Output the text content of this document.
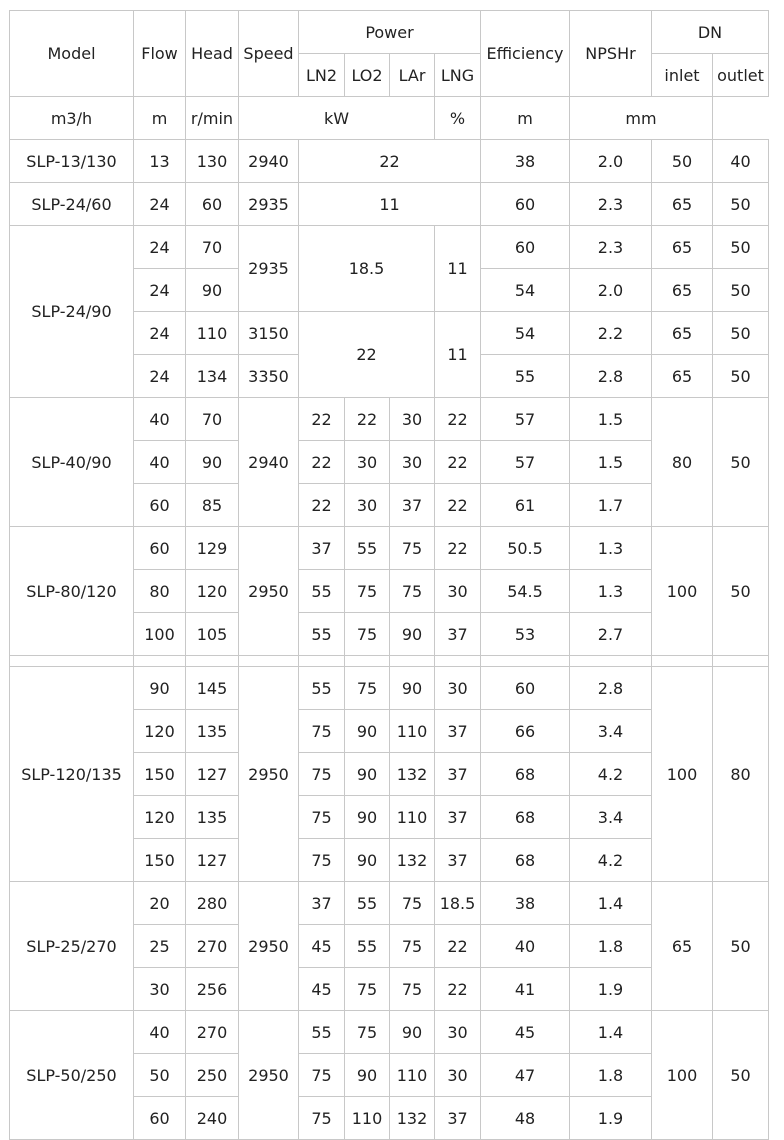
Model	Flow	Head	Speed	Power				Efficiency	NPSHr	DN	
				LN2	LO2	LAr	LNG			inlet	outlet
m3/h	m	r/min	kW				%	m	mm		
SLP-13/130	13	130	2940	22				38	2.0	50	40
SLP-24/60	24	60	2935	11				60	2.3	65	50
SLP-24/90	24	70	2935	18.5			11	60	2.3	65	50
	24	90						54	2.0	65	50
	24	110	3150	22			11	54	2.2	65	50
	24	134	3350					55	2.8	65	50
SLP-40/90	40	70	2940	22	22	30	22	57	1.5	80	50
	40	90		22	30	30	22	57	1.5		
	60	85		22	30	37	22	61	1.7		
SLP-80/120	60	129	2950	37	55	75	22	50.5	1.3	100	50
	80	120		55	75	75	30	54.5	1.3		
	100	105		55	75	90	37	53	2.7		

SLP-120/135	90	145	2950	55	75	90	30	60	2.8	100	80
	120	135		75	90	110	37	66	3.4		
	150	127		75	90	132	37	68	4.2		
	120	135		75	90	110	37	68	3.4		
	150	127		75	90	132	37	68	4.2		
SLP-25/270	20	280	2950	37	55	75	18.5	38	1.4	65	50
	25	270		45	55	75	22	40	1.8		
	30	256		45	75	75	22	41	1.9		
SLP-50/250	40	270	2950	55	75	90	30	45	1.4	100	50
	50	250		75	90	110	30	47	1.8		
	60	240		75	110	132	37	48	1.9		
